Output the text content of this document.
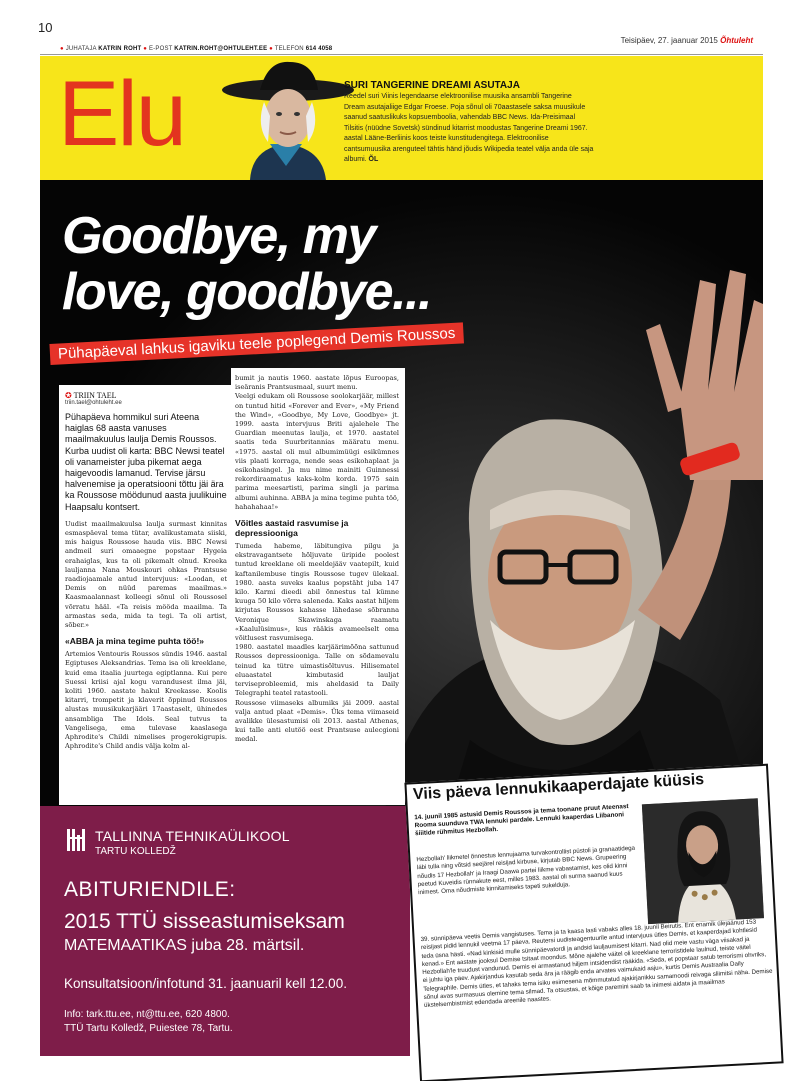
10
● JUHATAJA KATRIN ROHT ● E-POST KATRIN.ROHT@OHTULEHT.EE ● TELEFON 614 4058
Teisipäev, 27. jaanuar 2015 Õhtuleht
Elu	SURI TANGERINE DREAMI ASUTAJA
Reedel suri Viinis legendaarse elektroonilise muusika ansambli Tangerine Dream asutajaliige Edgar Froese. Poja sõnul oli 70aastasele saksa muusikule saanud saatuslikuks kopsuemboolia, vahendab BBC News. Ida-Preisimaal Tilsitis (nüüdne Sovetsk) sündinud kitarrist moodustas Tangerine Dreami 1967. aastal Lääne-Berliinis koos teiste kunstitudengitega. Elektroonilise cantsumuusika arenguteel tähtis händ jõudis Wikipedia teatel välja anda üle saja albumi. ÕL
Goodbye, my love, goodbye...
Pühapäeval lahkus igaviku teele poplegend Demis Roussos
✪ TRIIN TAEL
triin.tael@ohtuleht.ee
Pühapäeva hommikul suri Ateena haiglas 68 aasta vanuses maailmakuulus laulja Demis Roussos. Kurba uudist oli karta: BBC Newsi teatel oli vanameister juba pikemat aega haigevoodis lamanud. Tervise järsu halvenemise ja operatsiooni tõttu jäi ära ka Roussose möödunud aasta juulikuine Haapsalu kontsert.
Uudist maailmakuulsa laulja surmast kinnitas esmaspäeval tema tütar, avalikustamata siiski, mis haigus Roussose hauda viis. BBC Newsi andmeil suri omaaegne popstaar Hygeia erahaiglas, kus ta oli pikemalt olnud. Kreeka lauljanna Nana Mouskouri ohkas Prantsuse raadiojaamale antud intervjuus: «Loodan, et Demis on nüüd paremas maailmas.» Kaasmaalannast kolleegi sõnul oli Roussosel võrratu hääl. «Ta reisis mööda maailma. Ta armastas seda, mida ta tegi. Ta oli artist, sõber.»
«ABBA ja mina tegime puhta töö!»
Artemios Ventouris Roussos sündis 1946. aastal Egiptuses Aleksandrias. Tema isa oli kreeklane, kuid ema itaalia juurtega egiptlanna. Kui pere Suessi kriisi ajal kogu varandusest ilma jäi, koliti 1960. aastate hakul Kreekasse. Koolis kitarri, trompetit ja klaverit õppinud Roussos alustas muusikukarjääri 17aastaselt, ühinedes ansambliga The Idols. Seal tutvus ta Vangelisega, ema tulevase kaaslasega Aphrodite's Childi nimelises progerokigrupis. Aphrodite's Child andis välja kolm al-
bumit ja nautis 1960. aastate lõpus Euroopas, iseäranis Prantsusmaal, suurt menu.
Veelgi edukam oli Roussose soolokarjäär, millest on tuntud hitid «Forever and Ever», «My Friend the Wind», «Goodbye, My Love, Goodbye» jt. 1999. aasta intervjuus Briti ajalehele The Guardian meenutas laulja, et 1970. aastatel saatis teda Suurbritannias määratu menu. «1975. aastal oli mul albumimüügi esikümnes viis plaati korraga, nende seas esikohaplaat ja esikohasingel. Ja mu nime mainiti Guinnessi rekordiraamatus kaks-kolm korda. 1975 sain parima meesartisti, parima singli ja parima albumi auhinna. ABBA ja mina tegime puhta töö, hahahahaa!»
Võitles aastaid rasvumise ja depressiooniga
Tumeda habeme, läbitungiva pilgu ja ekstravagantsete hõljuvate üripide poolest tuntud kreeklane oli meeldejääv vaatepilt, kuid kaftanilembuse tingis Roussose tugev ülekaal. 1980. aasta suveks kaalus popstäht juba 147 kilo. Karmi dieedi abil õnnestus tal kümne kuuga 50 kilo võrra saleneda. Kaks aastat hiljem kirjutas Roussos kahasse lähedase sõbranna Veronique Skawinskaga raamatu «Kaalulüsimus», kus rääkis avameelselt oma võitlusest rasvumisega.
1980. aastatel maadles karjäärimõõna sattunud Roussos depressiooniga. Talle on sõdamevalu teinud ka tütre uimastisõltuvus. Hilisematel eluaastatel kimbutasid lauljat terviseprobleemid, mis aheldasid ta Daily Telegraphi teatel ratastooli.
Roussose viimaseks albumiks jäi 2009. aastal valja antud plaat «Demis». Üks tema viimaseid avalikke ülesastumisi oli 2013. aastal Athenas, kui talle anti elutöö eest Prantsuse aulecgioni medal.
TALLINNA TEHNIKAÜLIKOOL
TARTU KOLLEDŽ
ABITURIENDILE:
2015 TTÜ sisseastumiseksam
MATEMAATIKAS juba 28. märtsil.
Konsultatsioon/infotund 31. jaanuaril kell 12.00.
Info: tark.ttu.ee, nt@ttu.ee, 620 4800.
TTÜ Tartu Kolledž, Puiestee 78, Tartu.
Viis päeva lennukikaaperdajate küüsis
14. juunil 1985 astusid Demis Roussos ja tema toonane pruut Ateenast Rooma suunduva TWA lennuki pardale. Lennuki kaaperdas Liibanoni šiiitide rühmitus Hezbollah.
Hezbollah' liikmetel õnnestus lennujaama turvakontrollist püstoli ja granaatidega läbi tulla ning võtsid seejärel reisijad kirbuse, kirjutab BBC News. Grupeering nõudis 17 Hezbollah' ja Iraagi Daawa partei liikme vabastamist, kes olid kinni peetud Kuveidis rünnakute eest, milles 1983. aastal oli surma saanud kuus inimest. Oma nõudmiste kinnitamiseks tapeti sukelduja.
39. sünnipäeva veetis Demis vangistuses. Tema ja ta kaasa lasti vabaks alles 18. juunil Beirutis. Ent enamik ülejäänud 153 reisijast pidid lennukil veetma 17 päeva. Reutersi uudisteagentuurile antud intervjuus ütles Demis, et kaaperdajad kohtlesid teda üsna hästi. «Nad kinkisid mulle sünnipäevatordi ja andsid lauljaumisest kitarri. Nad olid meie vastu väga viisakad ja kenad.» Ent aastate jooksul Demise tsitaat moondus. Mõne ajalehe väitel oli kreeklane terroristidele laulnud, teiste väitel Hezbollah'le truudust vandunud. Demis ei armastanud hiljem intsidendist rääkida. «Seda, et popstaar satub terrorismi ohvriks, ei juhtu iga päev. Ajakirjandus kasutab seda ära ja räägib enda arvates vaimukaid asju», kurtis Demis Austraalia Daily Telegraphile. Demis ütles, et tahaks tema isiku esimesena mõmmutatud ajakirjanikku samamoodi reivaga sliimitsi näha. Demise sõnul avas surmasuus olemine tema silmad. Ta otsustas, et kõige paremini saab ta inimesi aidata ja maailmas ükstelsembistmist edendada areenile naastes.
